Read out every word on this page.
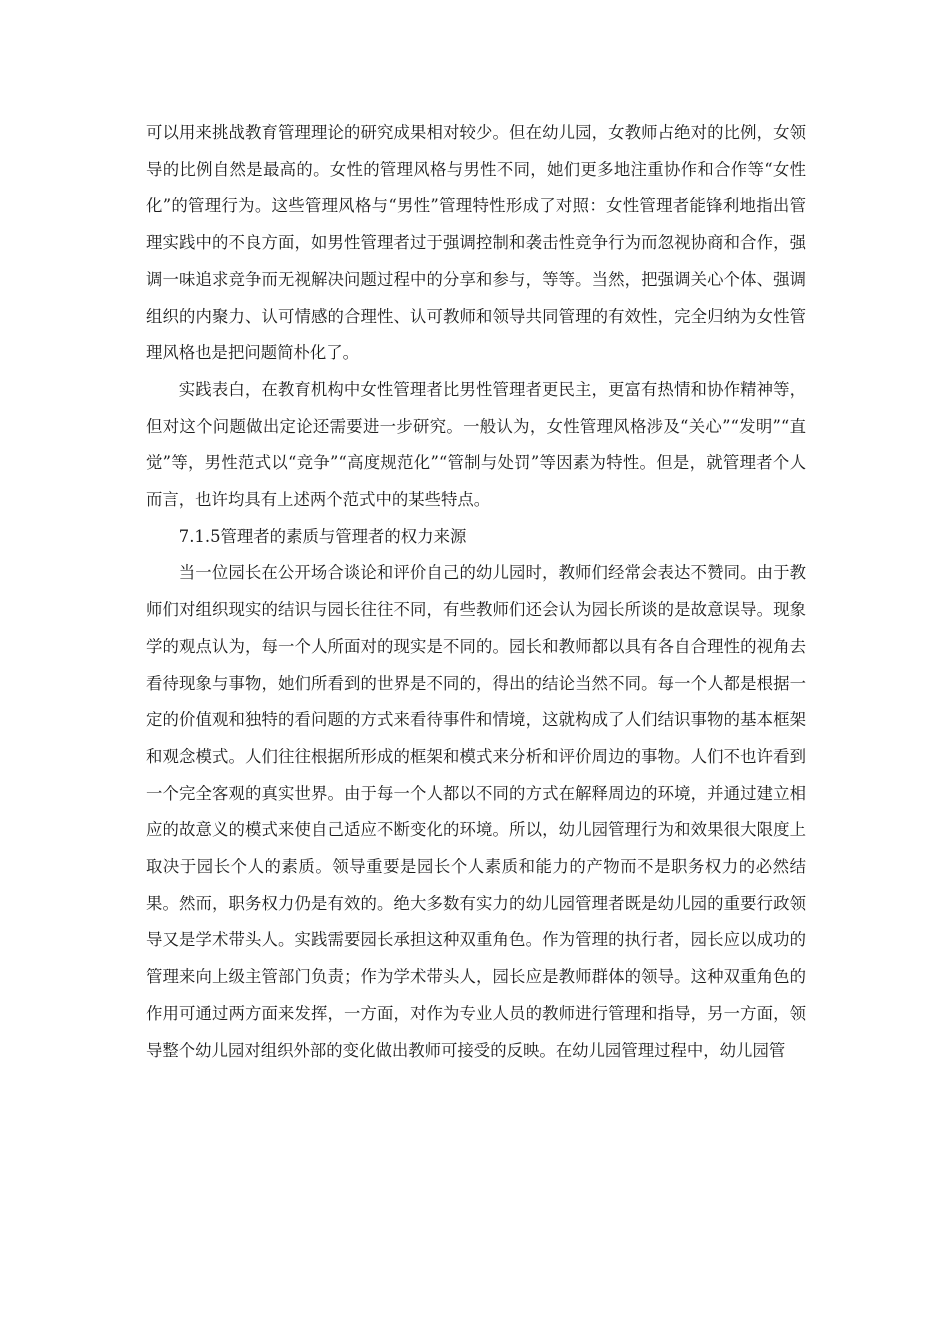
可以用来挑战教育管理理论的研究成果相对较少。但在幼儿园，女教师占绝对的比例，女领导的比例自然是最高的。女性的管理风格与男性不同，她们更多地注重协作和合作等“女性化”的管理行为。这些管理风格与“男性”管理特性形成了对照：女性管理者能锋利地指出管理实践中的不良方面，如男性管理者过于强调控制和袭击性竞争行为而忽视协商和合作，强调一味追求竞争而无视解决问题过程中的分享和参与，等等。当然，把强调关心个体、强调组织的内聚力、认可情感的合理性、认可教师和领导共同管理的有效性，完全归纳为女性管理风格也是把问题简朴化了。

实践表白，在教育机构中女性管理者比男性管理者更民主，更富有热情和协作精神等，但对这个问题做出定论还需要进一步研究。一般认为，女性管理风格涉及“关心”“发明”“直觉”等，男性范式以“竞争”“高度规范化”“管制与处罚”等因素为特性。但是，就管理者个人而言，也许均具有上述两个范式中的某些特点。

7.1.5管理者的素质与管理者的权力来源

当一位园长在公开场合谈论和评价自己的幼儿园时，教师们经常会表达不赞同。由于教师们对组织现实的结识与园长往往不同，有些教师们还会认为园长所谈的是故意误导。现象学的观点认为，每一个人所面对的现实是不同的。园长和教师都以具有各自合理性的视角去看待现象与事物，她们所看到的世界是不同的，得出的结论当然不同。每一个人都是根据一定的价值观和独特的看问题的方式来看待事件和情境，这就构成了人们结识事物的基本框架和观念模式。人们往往根据所形成的框架和模式来分析和评价周边的事物。人们不也许看到一个完全客观的真实世界。由于每一个人都以不同的方式在解释周边的环境，并通过建立相应的故意义的模式来使自己适应不断变化的环境。所以，幼儿园管理行为和效果很大限度上取决于园长个人的素质。领导重要是园长个人素质和能力的产物而不是职务权力的必然结果。然而，职务权力仍是有效的。绝大多数有实力的幼儿园管理者既是幼儿园的重要行政领导又是学术带头人。实践需要园长承担这种双重角色。作为管理的执行者，园长应以成功的管理来向上级主管部门负责；作为学术带头人，园长应是教师群体的领导。这种双重角色的作用可通过两方面来发挥，一方面，对作为专业人员的教师进行管理和指导，另一方面，领导整个幼儿园对组织外部的变化做出教师可接受的反映。在幼儿园管理过程中，幼儿园管
